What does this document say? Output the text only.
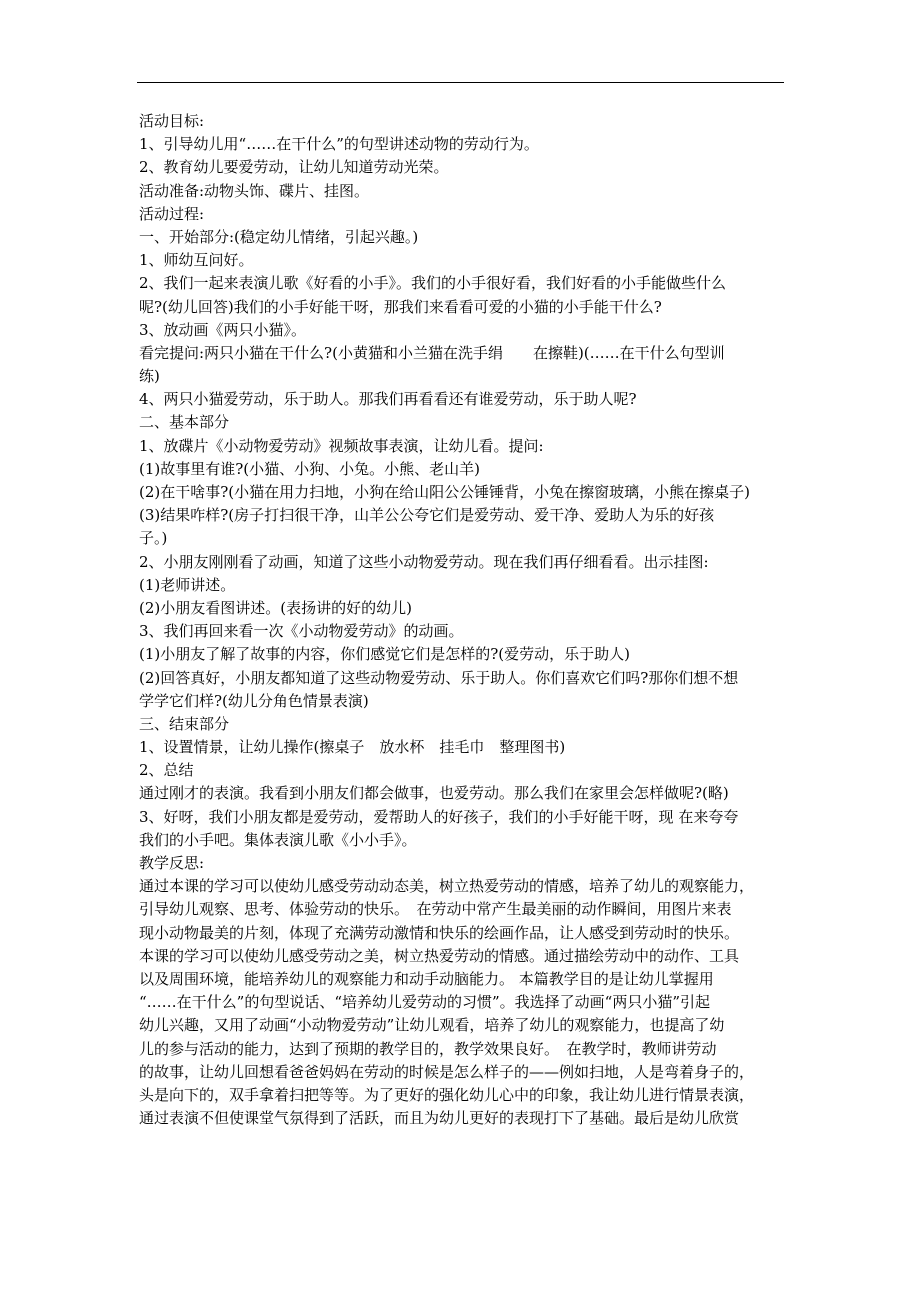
活动目标:
1、引导幼儿用“……在干什么”的句型讲述动物的劳动行为。
2、教育幼儿要爱劳动，让幼儿知道劳动光荣。
活动准备:动物头饰、碟片、挂图。
活动过程:
一、开始部分:(稳定幼儿情绪，引起兴趣。)
1、师幼互问好。
2、我们一起来表演儿歌《好看的小手》。我们的小手很好看，我们好看的小手能做些什么
呢?(幼儿回答)我们的小手好能干呀，那我们来看看可爱的小猫的小手能干什么?
3、放动画《两只小猫》。
看完提问:两只小猫在干什么?(小黄猫和小兰猫在洗手绢　　在擦鞋)(……在干什么句型训
练)
4、两只小猫爱劳动，乐于助人。那我们再看看还有谁爱劳动，乐于助人呢?
二、基本部分
1、放碟片《小动物爱劳动》视频故事表演，让幼儿看。提问:
(1)故事里有谁?(小猫、小狗、小兔。小熊、老山羊)
(2)在干啥事?(小猫在用力扫地，小狗在给山阳公公锤锤背，小兔在擦窗玻璃，小熊在擦桌子)
(3)结果咋样?(房子打扫很干净，山羊公公夸它们是爱劳动、爱干净、爱助人为乐的好孩
子。)
2、小朋友刚刚看了动画，知道了这些小动物爱劳动。现在我们再仔细看看。出示挂图:
(1)老师讲述。
(2)小朋友看图讲述。(表扬讲的好的幼儿)
3、我们再回来看一次《小动物爱劳动》的动画。
(1)小朋友了解了故事的内容，你们感觉它们是怎样的?(爱劳动，乐于助人)
(2)回答真好，小朋友都知道了这些动物爱劳动、乐于助人。你们喜欢它们吗?那你们想不想
学学它们样?(幼儿分角色情景表演)
三、结束部分
1、设置情景，让幼儿操作(擦桌子　放水杯　挂毛巾　整理图书)
2、总结
通过刚才的表演。我看到小朋友们都会做事，也爱劳动。那么我们在家里会怎样做呢?(略)
3、好呀，我们小朋友都是爱劳动，爱帮助人的好孩子，我们的小手好能干呀，现 在来夸夸
我们的小手吧。集体表演儿歌《小小手》。
教学反思:
通过本课的学习可以使幼儿感受劳动动态美，树立热爱劳动的情感，培养了幼儿的观察能力，
引导幼儿观察、思考、体验劳动的快乐。　在劳动中常产生最美丽的动作瞬间，用图片来表
现小动物最美的片刻，体现了充满劳动激情和快乐的绘画作品，让人感受到劳动时的快乐。
本课的学习可以使幼儿感受劳动之美，树立热爱劳动的情感。通过描绘劳动中的动作、工具
以及周围环境，能培养幼儿的观察能力和动手动脑能力。 本篇教学目的是让幼儿掌握用
“……在干什么”的句型说话、“培养幼儿爱劳动的习惯”。我选择了动画“两只小猫”引起
幼儿兴趣，又用了动画“小动物爱劳动”让幼儿观看，培养了幼儿的观察能力，也提高了幼
儿的参与活动的能力，达到了预期的教学目的，教学效果良好。　在教学时，教师讲劳动
的故事，让幼儿回想看爸爸妈妈在劳动的时候是怎么样子的——例如扫地，人是弯着身子的，
头是向下的，双手拿着扫把等等。为了更好的强化幼儿心中的印象，我让幼儿进行情景表演，
通过表演不但使课堂气氛得到了活跃，而且为幼儿更好的表现打下了基础。最后是幼儿欣赏
